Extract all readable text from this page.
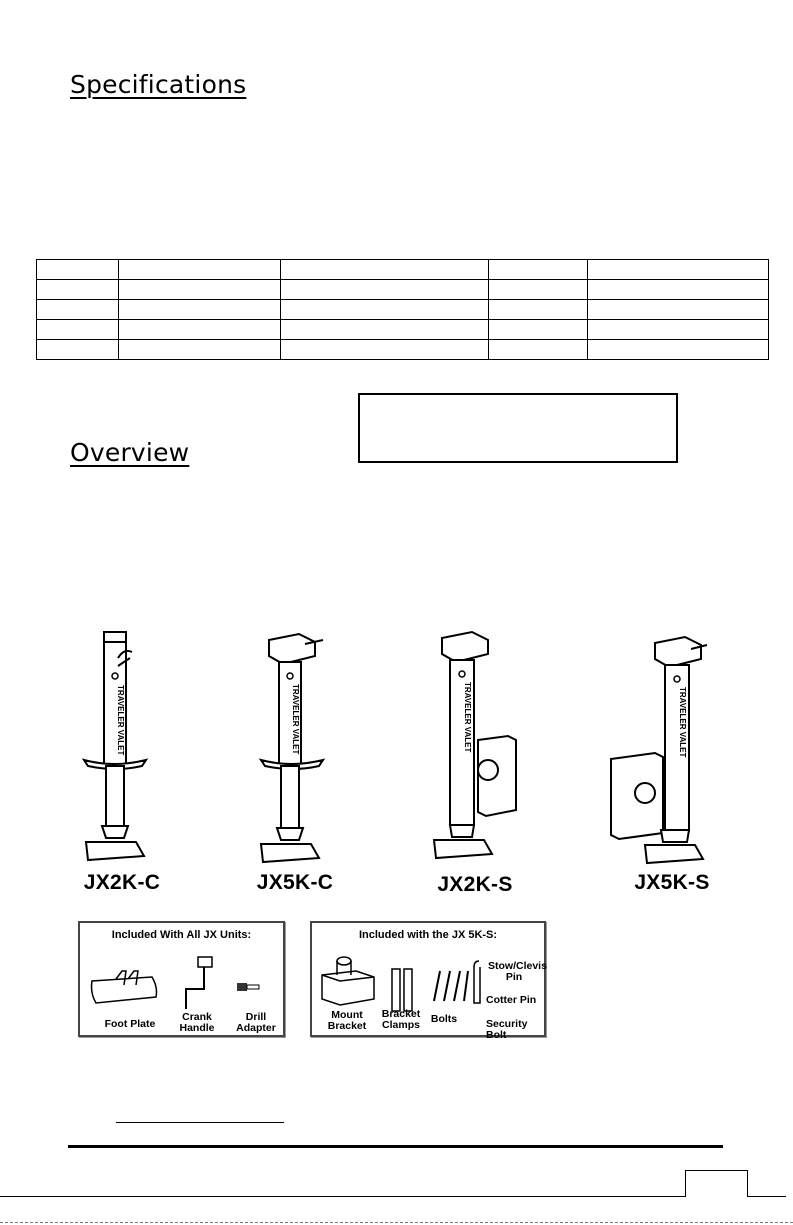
Specifications

Overview
TRAVELER VALET	TRAVELER VALET	TRAVELER VALET	TRAVELER VALET
JX2K-C	JX5K-C	JX2K-S	JX5K-S
Included With All JX Units:
Foot Plate
Crank Handle
Drill Adapter
Included with the JX 5K-S:
Mount Bracket
Bracket Clamps Bolts
Stow/Clevis Pin
Cotter Pin
Security Bolt
